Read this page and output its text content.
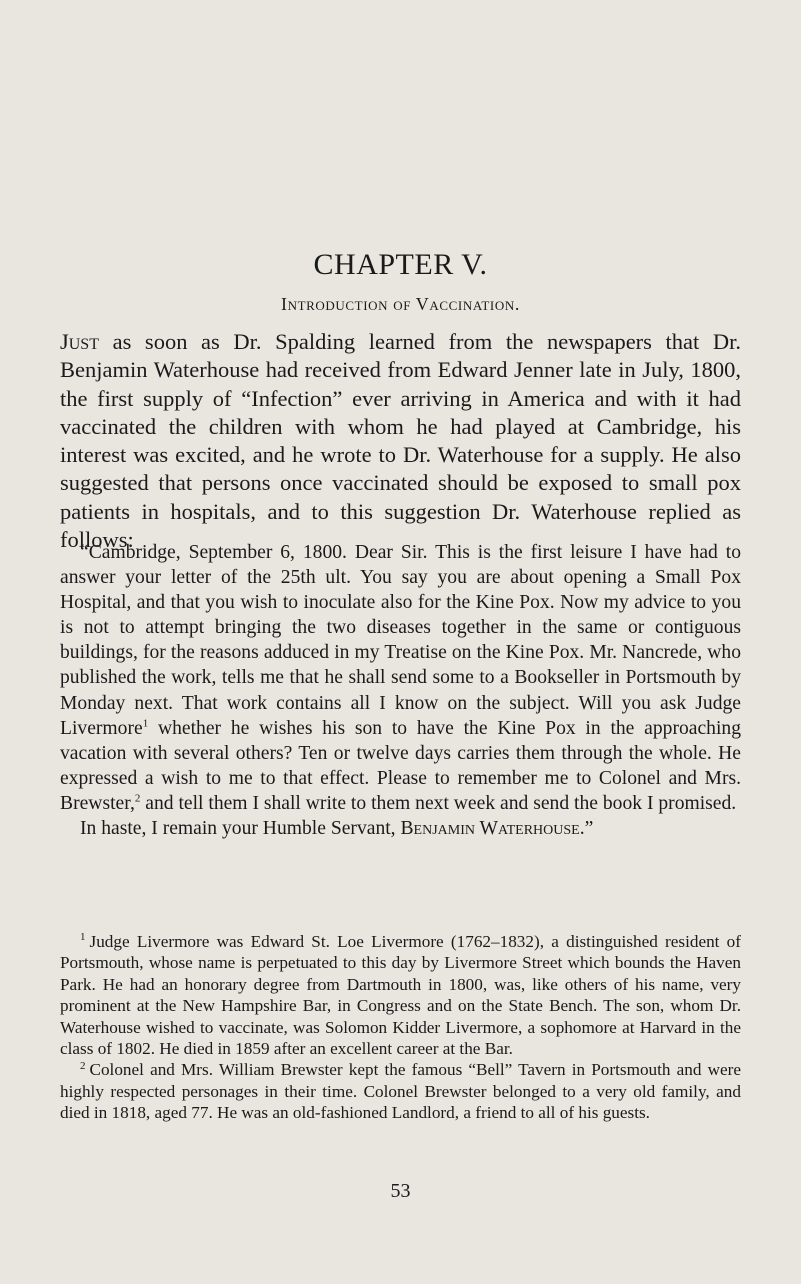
CHAPTER V.
Introduction of Vaccination.
Just as soon as Dr. Spalding learned from the newspapers that Dr. Benjamin Waterhouse had received from Edward Jenner late in July, 1800, the first supply of “Infection” ever arriving in America and with it had vaccinated the children with whom he had played at Cambridge, his interest was excited, and he wrote to Dr. Waterhouse for a supply. He also suggested that persons once vaccinated should be exposed to small pox patients in hospitals, and to this suggestion Dr. Waterhouse replied as follows:

“Cambridge, September 6, 1800. Dear Sir. This is the first leisure I have had to answer your letter of the 25th ult. You say you are about opening a Small Pox Hospital, and that you wish to inoculate also for the Kine Pox. Now my advice to you is not to attempt bringing the two diseases together in the same or contiguous buildings, for the reasons adduced in my Treatise on the Kine Pox. Mr. Nancrede, who published the work, tells me that he shall send some to a Bookseller in Portsmouth by Monday next. That work contains all I know on the subject. Will you ask Judge Livermore$^1$ whether he wishes his son to have the Kine Pox in the approaching vacation with several others? Ten or twelve days carries them through the whole. He expressed a wish to me to that effect. Please to remember me to Colonel and Mrs. Brewster,$^2$ and tell them I shall write to them next week and send the book I promised.

In haste, I remain your Humble Servant, Benjamin Waterhouse.”

$^1$ Judge Livermore was Edward St. Loe Livermore (1762–1832), a distinguished resident of Portsmouth, whose name is perpetuated to this day by Livermore Street which bounds the Haven Park. He had an honorary degree from Dartmouth in 1800, was, like others of his name, very prominent at the New Hampshire Bar, in Congress and on the State Bench. The son, whom Dr. Waterhouse wished to vaccinate, was Solomon Kidder Livermore, a sophomore at Harvard in the class of 1802. He died in 1859 after an excellent career at the Bar.

$^2$ Colonel and Mrs. William Brewster kept the famous “Bell” Tavern in Portsmouth and were highly respected personages in their time. Colonel Brewster belonged to a very old family, and died in 1818, aged 77. He was an old-fashioned Landlord, a friend to all of his guests.

53
